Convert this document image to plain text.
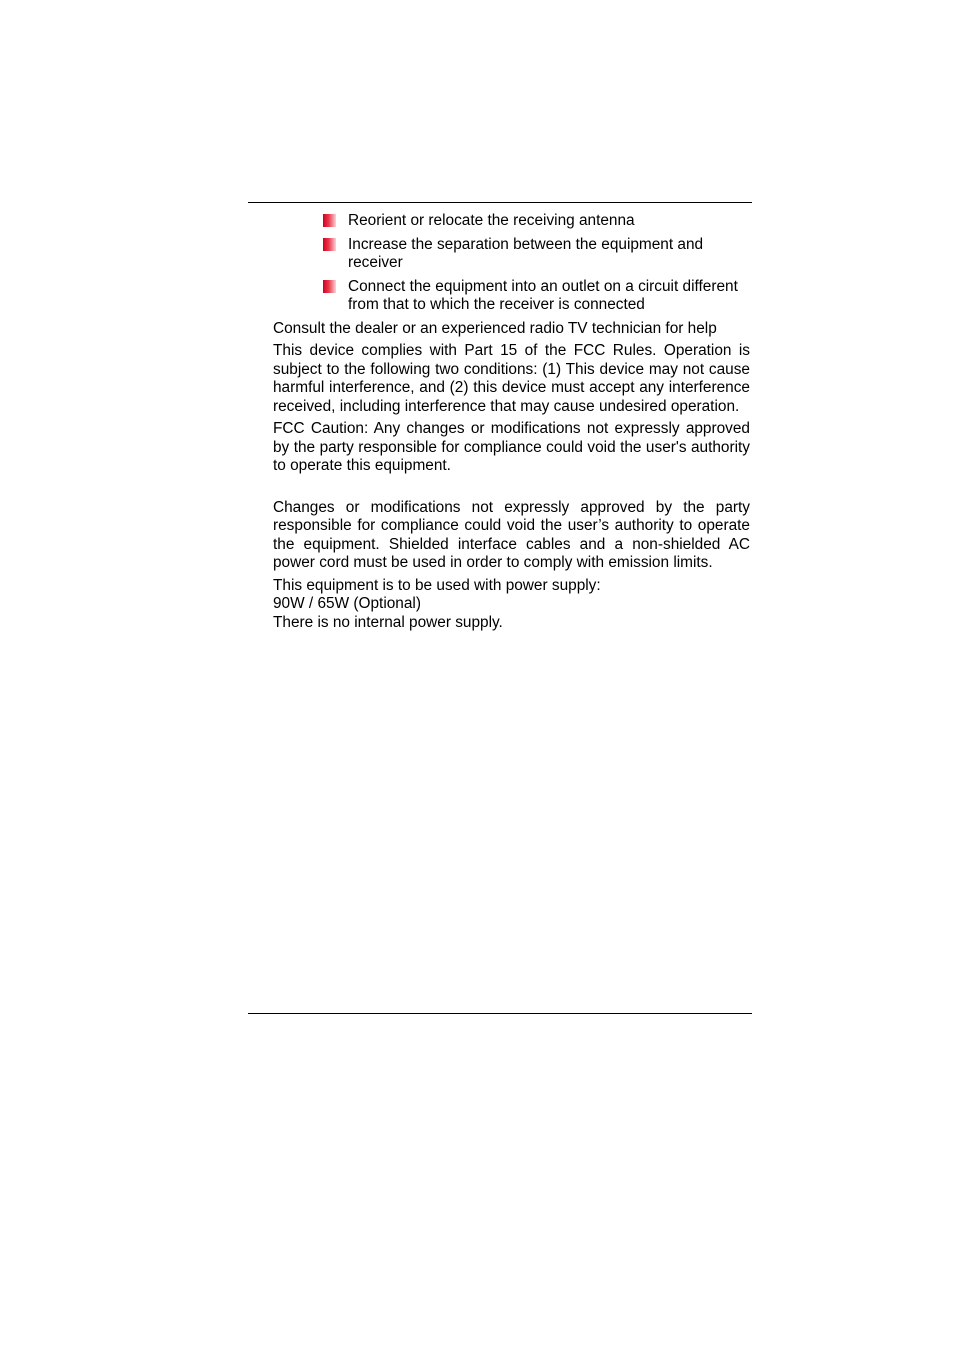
Reorient or relocate the receiving antenna
Increase the separation between the equipment and receiver
Connect the equipment into an outlet on a circuit different from that to which the receiver is connected

Consult the dealer or an experienced radio TV technician for help

This device complies with Part 15 of the FCC Rules. Operation is subject to the following two conditions: (1) This device may not cause harmful interference, and (2) this device must accept any interference received, including interference that may cause undesired operation.

FCC Caution: Any changes or modifications not expressly approved by the party responsible for compliance could void the user's authority to operate this equipment.

Changes or modifications not expressly approved by the party responsible for compliance could void the user’s authority to operate the equipment. Shielded interface cables and a non-shielded AC power cord must be used in order to comply with emission limits.

This equipment is to be used with power supply:
90W / 65W (Optional)
There is no internal power supply.
